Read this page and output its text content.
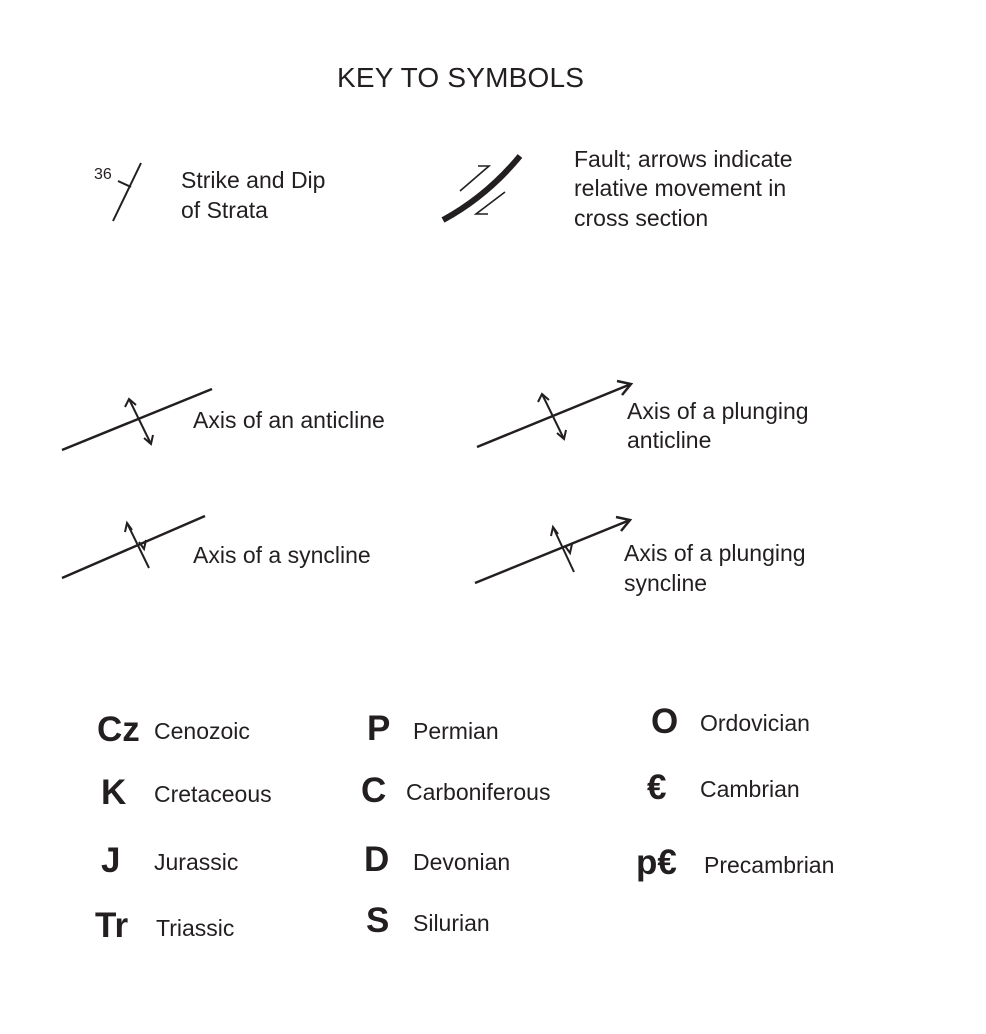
KEY TO SYMBOLS
36	Strike and Dip
of Strata
Fault; arrows indicate
relative movement in
cross section
Axis of an anticline	Axis of a plunging
anticline
Axis of a syncline	Axis of a plunging
syncline
Cz Cenozoic
K Cretaceous
J Jurassic
Tr Triassic
P Permian
C Carboniferous
D Devonian
S Silurian
O Ordovician
€ Cambrian
p€ Precambrian
